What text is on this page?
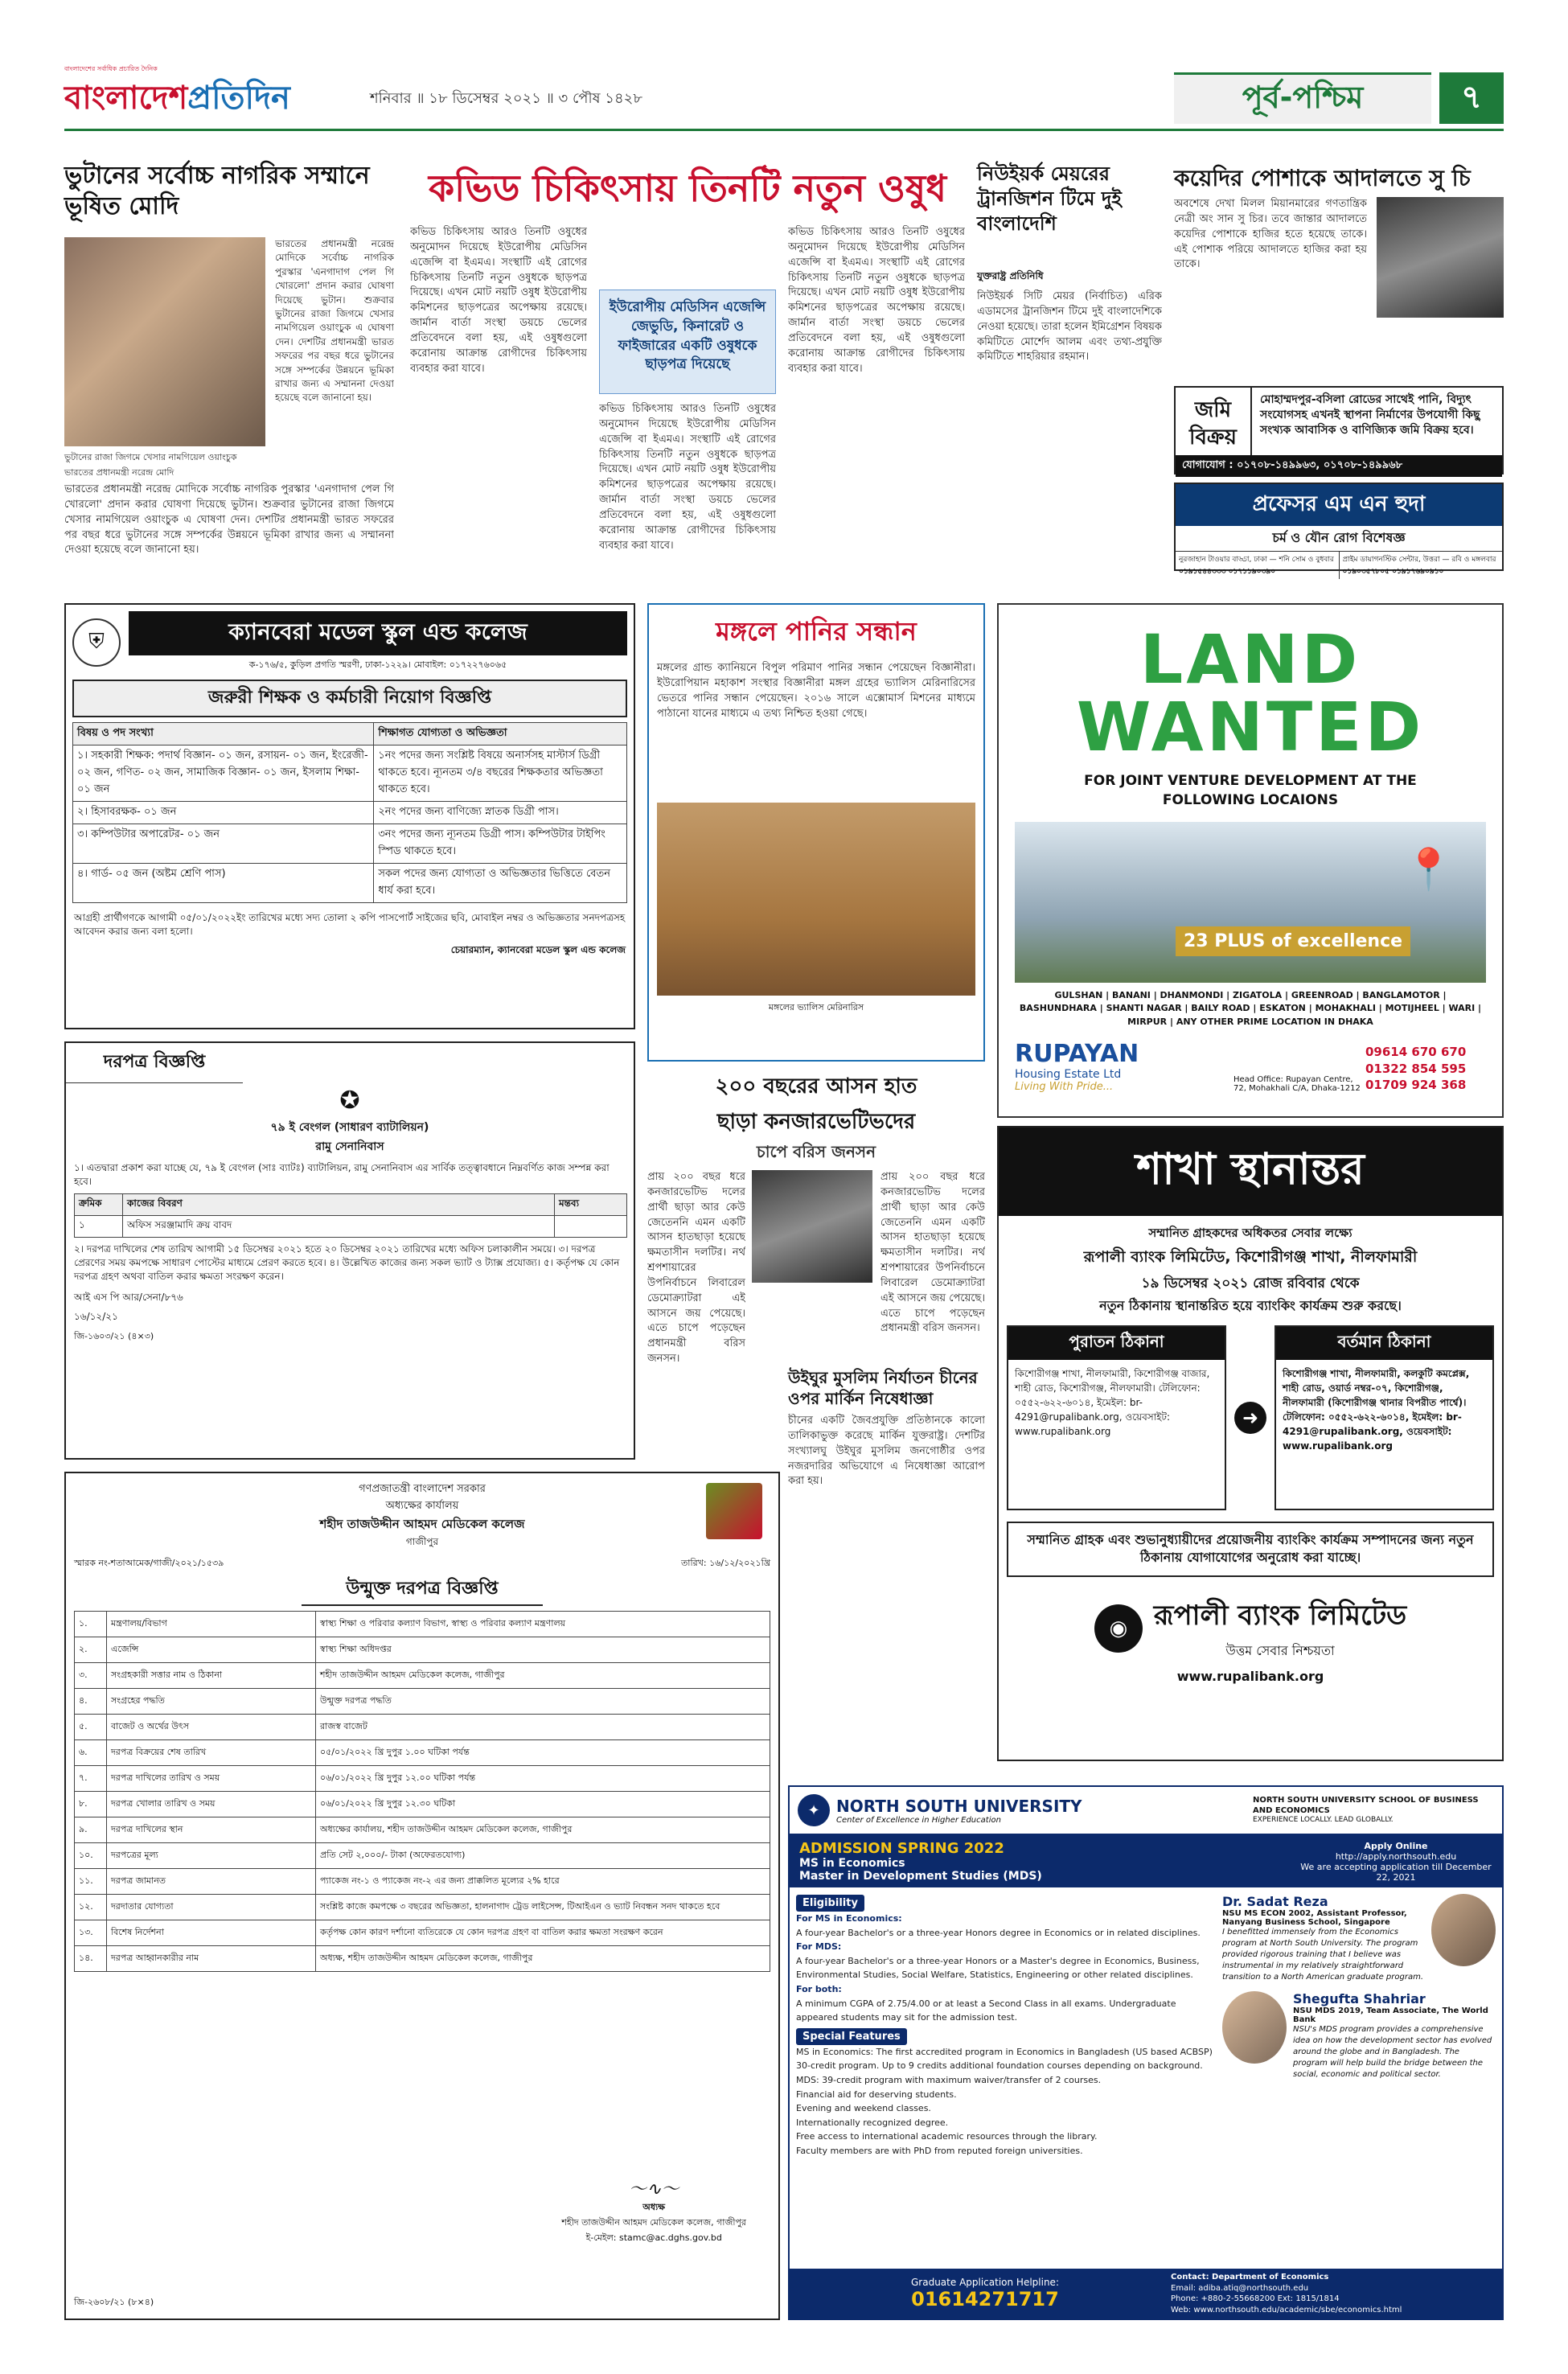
বাংলাদেশের সর্বাধিক প্রচারিত দৈনিক
বাংলাদেশপ্রতিদিন	শনিবার ॥ ১৮ ডিসেম্বর ২০২১ ॥ ৩ পৌষ ১৪২৮	পূর্ব-পশ্চিম	৭
ভুটানের সর্বোচ্চ নাগরিক সম্মানে ভূষিত মোদি
ভারতের প্রধানমন্ত্রী নরেন্দ্র মোদিকে সর্বোচ্চ নাগরিক পুরস্কার 'এনগাদাগ পেল গি খোরলো' প্রদান করার ঘোষণা দিয়েছে ভুটান। শুক্রবার ভুটানের রাজা জিগমে খেসার নামগিয়েল ওয়াংচুক এ ঘোষণা দেন। দেশটির প্রধানমন্ত্রী ভারত সফরের পর বছর ধরে ভুটানের সঙ্গে সম্পর্কের উন্নয়নে ভূমিকা রাখার জন্য এ সম্মাননা দেওয়া হয়েছে বলে জানানো হয়।
ভুটানের রাজা জিগমে খেসার নামগিয়েল ওয়াংচুক ভারতের প্রধানমন্ত্রী নরেন্দ্র মোদি
ভারতের প্রধানমন্ত্রী নরেন্দ্র মোদিকে সর্বোচ্চ নাগরিক পুরস্কার 'এনগাদাগ পেল গি খোরলো' প্রদান করার ঘোষণা দিয়েছে ভুটান। শুক্রবার ভুটানের রাজা জিগমে খেসার নামগিয়েল ওয়াংচুক এ ঘোষণা দেন। দেশটির প্রধানমন্ত্রী ভারত সফরের পর বছর ধরে ভুটানের সঙ্গে সম্পর্কের উন্নয়নে ভূমিকা রাখার জন্য এ সম্মাননা দেওয়া হয়েছে বলে জানানো হয়।
কভিড চিকিৎসায় তিনটি নতুন ওষুধ
কভিড চিকিৎসায় আরও তিনটি ওষুধের অনুমোদন দিয়েছে ইউরোপীয় মেডিসিন এজেন্সি বা ইএমএ। সংস্থাটি এই রোগের চিকিৎসায় তিনটি নতুন ওষুধকে ছাড়পত্র দিয়েছে। এখন মোট নয়টি ওষুধ ইউরোপীয় কমিশনের ছাড়পত্রের অপেক্ষায় রয়েছে। জার্মান বার্তা সংস্থা ডয়চে ভেলের প্রতিবেদনে বলা হয়, এই ওষুধগুলো করোনায় আক্রান্ত রোগীদের চিকিৎসায় ব্যবহার করা যাবে।
ইউরোপীয় মেডিসিন এজেন্সি জেভুডি, কিনারেট ও ফাইজারের একটি ওষুধকে ছাড়পত্র দিয়েছে
কভিড চিকিৎসায় আরও তিনটি ওষুধের অনুমোদন দিয়েছে ইউরোপীয় মেডিসিন এজেন্সি বা ইএমএ। সংস্থাটি এই রোগের চিকিৎসায় তিনটি নতুন ওষুধকে ছাড়পত্র দিয়েছে। এখন মোট নয়টি ওষুধ ইউরোপীয় কমিশনের ছাড়পত্রের অপেক্ষায় রয়েছে। জার্মান বার্তা সংস্থা ডয়চে ভেলের প্রতিবেদনে বলা হয়, এই ওষুধগুলো করোনায় আক্রান্ত রোগীদের চিকিৎসায় ব্যবহার করা যাবে।
কভিড চিকিৎসায় আরও তিনটি ওষুধের অনুমোদন দিয়েছে ইউরোপীয় মেডিসিন এজেন্সি বা ইএমএ। সংস্থাটি এই রোগের চিকিৎসায় তিনটি নতুন ওষুধকে ছাড়পত্র দিয়েছে। এখন মোট নয়টি ওষুধ ইউরোপীয় কমিশনের ছাড়পত্রের অপেক্ষায় রয়েছে। জার্মান বার্তা সংস্থা ডয়চে ভেলের প্রতিবেদনে বলা হয়, এই ওষুধগুলো করোনায় আক্রান্ত রোগীদের চিকিৎসায় ব্যবহার করা যাবে।
নিউইয়র্ক মেয়রের ট্রানজিশন টিমে দুই বাংলাদেশি
যুক্তরাষ্ট্র প্রতিনিধি
নিউইয়র্ক সিটি মেয়র (নির্বাচিত) এরিক এডামসের ট্রানজিশন টিমে দুই বাংলাদেশিকে নেওয়া হয়েছে। তারা হলেন ইমিগ্রেশন বিষয়ক কমিটিতে মোর্শেদ আলম এবং তথ্য-প্রযুক্তি কমিটিতে শাহরিয়ার রহমান।
কয়েদির পোশাকে আদালতে সু চি
অবশেষে দেখা মিলল মিয়ানমারের গণতান্ত্রিক নেত্রী অং সান সু চির। তবে জান্তার আদালতে কয়েদির পোশাকে হাজির হতে হয়েছে তাকে। এই পোশাক পরিয়ে আদালতে হাজির করা হয় তাকে।
জমি বিক্রয়
মোহাম্মদপুর-বসিলা রোডের সাথেই পানি, বিদ্যুৎ সংযোগসহ এখনই স্থাপনা নির্মাণের উপযোগী কিছু সংখ্যক আবাসিক ও বাণিজ্যিক জমি বিক্রয় হবে।
যোগাযোগ : ০১৭০৮-১৪৯৯৬৩, ০১৭০৮-১৪৯৯৬৮
প্রফেসর এম এন হুদা
চর্ম ও যৌন রোগ বিশেষজ্ঞ
নুরজাহান টাওয়ার বাড্ডা, ঢাকা — শনি সোম ও বুধবার
০১৯১৫৪৪৩৩৩ ০১৭১১৯০৩৯০
প্রাইম ডায়াগনস্টিক সেন্টার, উত্তরা — রবি ও মঙ্গলবার
০১৯০৩৫৭৮০৫ ০১৯১৭৬৯০৯১০
⛨	ক্যানবেরা মডেল স্কুল এন্ড কলেজ
ক-১৭৬/৫, কুড়িল প্রগতি স্মরণী, ঢাকা-১২২৯। মোবাইল: ০১৭২২৭৬০৬৫
জরুরী শিক্ষক ও কর্মচারী নিয়োগ বিজ্ঞপ্তি
বিষয় ও পদ সংখ্যা	শিক্ষাগত যোগ্যতা ও অভিজ্ঞতা
১। সহকারী শিক্ষক: পদার্থ বিজ্ঞান- ০১ জন, রসায়ন- ০১ জন, ইংরেজী- ০২ জন, গণিত- ০২ জন, সামাজিক বিজ্ঞান- ০১ জন, ইসলাম শিক্ষা- ০১ জন	১নং পদের জন্য সংশ্লিষ্ট বিষয়ে অনার্সসহ মাস্টার্স ডিগ্রী থাকতে হবে। ন্যূনতম ৩/৪ বছরের শিক্ষকতার অভিজ্ঞতা থাকতে হবে।
২। হিসাবরক্ষক- ০১ জন	২নং পদের জন্য বাণিজ্যে স্নাতক ডিগ্রী পাস।
৩। কম্পিউটার অপারেটর- ০১ জন	৩নং পদের জন্য ন্যূনতম ডিগ্রী পাস। কম্পিউটার টাইপিং স্পিড থাকতে হবে।
৪। গার্ড- ০৫ জন (অষ্টম শ্রেণি পাস)	সকল পদের জন্য যোগ্যতা ও অভিজ্ঞতার ভিত্তিতে বেতন ধার্য করা হবে।
আগ্রহী প্রার্থীগণকে আগামী ০৫/০১/২০২২ইং তারিখের মধ্যে সদ্য তোলা ২ কপি পাসপোর্ট সাইজের ছবি, মোবাইল নম্বর ও অভিজ্ঞতার সনদপত্রসহ আবেদন করার জন্য বলা হলো।
চেয়ারম্যান, ক্যানবেরা মডেল স্কুল এন্ড কলেজ
মঙ্গলে পানির সন্ধান
মঙ্গলের গ্রান্ড ক্যানিয়নে বিপুল পরিমাণ পানির সন্ধান পেয়েছেন বিজ্ঞানীরা। ইউরোপিয়ান মহাকাশ সংস্থার বিজ্ঞানীরা মঙ্গল গ্রহের ভ্যালিস মেরিনারিসের ভেতরে পানির সন্ধান পেয়েছেন। ২০১৬ সালে এক্সোমার্স মিশনের মাধ্যমে পাঠানো যানের মাধ্যমে এ তথ্য নিশ্চিত হওয়া গেছে।
মঙ্গলের ভ্যালিস মেরিনারিস
LAND
WANTED
FOR JOINT VENTURE DEVELOPMENT AT THE FOLLOWING LOCAIONS
23 PLUS of excellence
📍
GULSHAN | BANANI | DHANMONDI | ZIGATOLA | GREENROAD | BANGLAMOTOR | BASHUNDHARA | SHANTI NAGAR | BAILY ROAD | ESKATON | MOHAKHALI | MOTIJHEEL | WARI | MIRPUR | ANY OTHER PRIME LOCATION IN DHAKA
RUPAYAN
Housing Estate Ltd
Living With Pride...
Head Office: Rupayan Centre, 72, Mohakhali C/A, Dhaka-1212
09614 670 670
01322 854 595
01709 924 368
দরপত্র বিজ্ঞপ্তি
✪
৭৯ ই বেংগল (সাধারণ ব্যাটালিয়ন)
রামু সেনানিবাস
১। এতদ্বারা প্রকাশ করা যাচ্ছে যে, ৭৯ ই বেংগল (সাঃ ব্যাটঃ) ব্যাটালিয়ন, রামু সেনানিবাস এর সার্বিক তত্ত্বাবধানে নিম্নবর্ণিত কাজ সম্পন্ন করা হবে।
ক্রমিক	কাজের বিবরণ	মন্তব্য
১	অফিস সরঞ্জামাদি ক্রয় বাবদ	
২। দরপত্র দাখিলের শেষ তারিখ আগামী ১৫ ডিসেম্বর ২০২১ হতে ২০ ডিসেম্বর ২০২১ তারিখের মধ্যে অফিস চলাকালীন সময়ে। ৩। দরপত্র প্রেরণের সময় কমপক্ষে সাধারণ পোস্টের মাধ্যমে প্রেরণ করতে হবে। ৪। উল্লেখিত কাজের জন্য সকল ভ্যাট ও ট্যাক্স প্রযোজ্য। ৫। কর্তৃপক্ষ যে কোন দরপত্র গ্রহণ অথবা বাতিল করার ক্ষমতা সংরক্ষণ করেন।
আই এস পি আর/সেনা/৮৭৬
১৬/১২/২১
জি-১৬০৩/২১ (৪×৩)
২০০ বছরের আসন হাত
ছাড়া কনজারভেটিভদের
চাপে বরিস জনসন
প্রায় ২০০ বছর ধরে কনজারভেটিভ দলের প্রার্থী ছাড়া আর কেউ জেতেননি এমন একটি আসন হাতছাড়া হয়েছে ক্ষমতাসীন দলটির। নর্থ শ্রপশায়ারের উপনির্বাচনে লিবারেল ডেমোক্র্যাটরা এই আসনে জয় পেয়েছে। এতে চাপে পড়েছেন প্রধানমন্ত্রী বরিস জনসন।
প্রায় ২০০ বছর ধরে কনজারভেটিভ দলের প্রার্থী ছাড়া আর কেউ জেতেননি এমন একটি আসন হাতছাড়া হয়েছে ক্ষমতাসীন দলটির। নর্থ শ্রপশায়ারের উপনির্বাচনে লিবারেল ডেমোক্র্যাটরা এই আসনে জয় পেয়েছে। এতে চাপে পড়েছেন প্রধানমন্ত্রী বরিস জনসন।
উইঘুর মুসলিম নির্যাতন চীনের ওপর মার্কিন নিষেধাজ্ঞা
চীনের একটি জৈবপ্রযুক্তি প্রতিষ্ঠানকে কালো তালিকাভুক্ত করেছে মার্কিন যুক্তরাষ্ট্র। দেশটির সংখ্যালঘু উইঘুর মুসলিম জনগোষ্ঠীর ওপর নজরদারির অভিযোগে এ নিষেধাজ্ঞা আরোপ করা হয়।
শাখা স্থানান্তর
সম্মানিত গ্রাহকদের অধিকতর সেবার লক্ষ্যে
রূপালী ব্যাংক লিমিটেড, কিশোরীগঞ্জ শাখা, নীলফামারী
১৯ ডিসেম্বর ২০২১ রোজ রবিবার থেকে
নতুন ঠিকানায় স্থানান্তরিত হয়ে ব্যাংকিং কার্যক্রম শুরু করছে।
পুরাতন ঠিকানা
কিশোরীগঞ্জ শাখা, নীলফামারী, কিশোরীগঞ্জ বাজার, শাহী রোড, কিশোরীগঞ্জ, নীলফামারী। টেলিফোন: ০৫৫২-৬২২-৬০১৪, ইমেইল: br-4291@rupalibank.org, ওয়েবসাইট: www.rupalibank.org
➜
বর্তমান ঠিকানা
কিশোরীগঞ্জ শাখা, নীলফামারী, কলকুটি কমপ্লেক্স, শাহী রোড, ওয়ার্ড নম্বর-০৭, কিশোরীগঞ্জ, নীলফামারী (কিশোরীগঞ্জ থানার বিপরীত পার্শ্বে)। টেলিফোন: ০৫৫২-৬২২-৬০১৪, ইমেইল: br-4291@rupalibank.org, ওয়েবসাইট: www.rupalibank.org
সম্মানিত গ্রাহক এবং শুভানুধ্যায়ীদের প্রয়োজনীয় ব্যাংকিং কার্যক্রম সম্পাদনের জন্য নতুন ঠিকানায় যোগাযোগের অনুরোধ করা যাচ্ছে।
◉ রূপালী ব্যাংক লিমিটেড
উত্তম সেবার নিশ্চয়তা
www.rupalibank.org
গণপ্রজাতন্ত্রী বাংলাদেশ সরকার
অধ্যক্ষের কার্যালয়
শহীদ তাজউদ্দীন আহমদ মেডিকেল কলেজ
গাজীপুর
স্মারক নং-শতাআমেক/গাজী/২০২১/১৫৩৯	তারিখ: ১৬/১২/২০২১খ্রি
উন্মুক্ত দরপত্র বিজ্ঞপ্তি
১.	মন্ত্রণালয়/বিভাগ	স্বাস্থ্য শিক্ষা ও পরিবার কল্যাণ বিভাগ, স্বাস্থ্য ও পরিবার কল্যাণ মন্ত্রণালয়
২.	এজেন্সি	স্বাস্থ্য শিক্ষা অধিদপ্তর
৩.	সংগ্রহকারী সত্তার নাম ও ঠিকানা	শহীদ তাজউদ্দীন আহমদ মেডিকেল কলেজ, গাজীপুর
৪.	সংগ্রহের পদ্ধতি	উন্মুক্ত দরপত্র পদ্ধতি
৫.	বাজেট ও অর্থের উৎস	রাজস্ব বাজেট
৬.	দরপত্র বিক্রয়ের শেষ তারিখ	০৫/০১/২০২২ খ্রি দুপুর ১.০০ ঘটিকা পর্যন্ত
৭.	দরপত্র দাখিলের তারিখ ও সময়	০৬/০১/২০২২ খ্রি দুপুর ১২.০০ ঘটিকা পর্যন্ত
৮.	দরপত্র খোলার তারিখ ও সময়	০৬/০১/২০২২ খ্রি দুপুর ১২.৩০ ঘটিকা
৯.	দরপত্র দাখিলের স্থান	অধ্যক্ষের কার্যালয়, শহীদ তাজউদ্দীন আহমদ মেডিকেল কলেজ, গাজীপুর
১০.	দরপত্রের মূল্য	প্রতি সেট ২,০০০/- টাকা (অফেরতযোগ্য)
১১.	দরপত্র জামানত	প্যাকেজ নং-১ ও প্যাকেজ নং-২ এর জন্য প্রাক্কলিত মূল্যের ২% হারে
১২.	দরদাতার যোগ্যতা	সংশ্লিষ্ট কাজে কমপক্ষে ৩ বছরের অভিজ্ঞতা, হালনাগাদ ট্রেড লাইসেন্স, টিআইএন ও ভ্যাট নিবন্ধন সনদ থাকতে হবে
১৩.	বিশেষ নির্দেশনা	কর্তৃপক্ষ কোন কারণ দর্শানো ব্যতিরেকে যে কোন দরপত্র গ্রহণ বা বাতিল করার ক্ষমতা সংরক্ষণ করেন
১৪.	দরপত্র আহ্বানকারীর নাম	অধ্যক্ষ, শহীদ তাজউদ্দীন আহমদ মেডিকেল কলেজ, গাজীপুর
〜∿〜
অধ্যক্ষ
শহীদ তাজউদ্দীন আহমদ মেডিকেল কলেজ, গাজীপুর
ই-মেইল: stamc@ac.dghs.gov.bd
জি-২৬০৮/২১ (৮×৪)
✦	NORTH SOUTH UNIVERSITY
Center of Excellence in Higher Education
NORTH SOUTH UNIVERSITY SCHOOL OF BUSINESS AND ECONOMICS
EXPERIENCE LOCALLY. LEAD GLOBALLY.
ADMISSION SPRING 2022
MS in Economics
Master in Development Studies (MDS)
Apply Online
http://apply.northsouth.edu
We are accepting application till December 22, 2021
Eligibility
For MS in Economics:
A four-year Bachelor's or a three-year Honors degree in Economics or in related disciplines.
For MDS:
A four-year Bachelor's or a three-year Honors or a Master's degree in Economics, Business, Environmental Studies, Social Welfare, Statistics, Engineering or other related disciplines.
For both:
A minimum CGPA of 2.75/4.00 or at least a Second Class in all exams. Undergraduate appeared students may sit for the admission test.
Special Features
MS in Economics: The first accredited program in Economics in Bangladesh (US based ACBSP) 30-credit program. Up to 9 credits additional foundation courses depending on background.
MDS: 39-credit program with maximum waiver/transfer of 2 courses.
Financial aid for deserving students.
Evening and weekend classes.
Internationally recognized degree.
Free access to international academic resources through the library.
Faculty members are with PhD from reputed foreign universities.
Dr. Sadat Reza
NSU MS ECON 2002, Assistant Professor, Nanyang Business School, Singapore
I benefitted immensely from the Economics program at North South University. The program provided rigorous training that I believe was instrumental in my relatively straightforward transition to a North American graduate program.
Shegufta Shahriar
NSU MDS 2019, Team Associate, The World Bank
NSU's MDS program provides a comprehensive idea on how the development sector has evolved around the globe and in Bangladesh. The program will help build the bridge between the social, economic and political sector.
Graduate Application Helpline:
01614271717
Contact: Department of Economics
Email: adiba.atiq@northsouth.edu
Phone: +880-2-55668200 Ext: 1815/1814
Web: www.northsouth.edu/academic/sbe/economics.html
